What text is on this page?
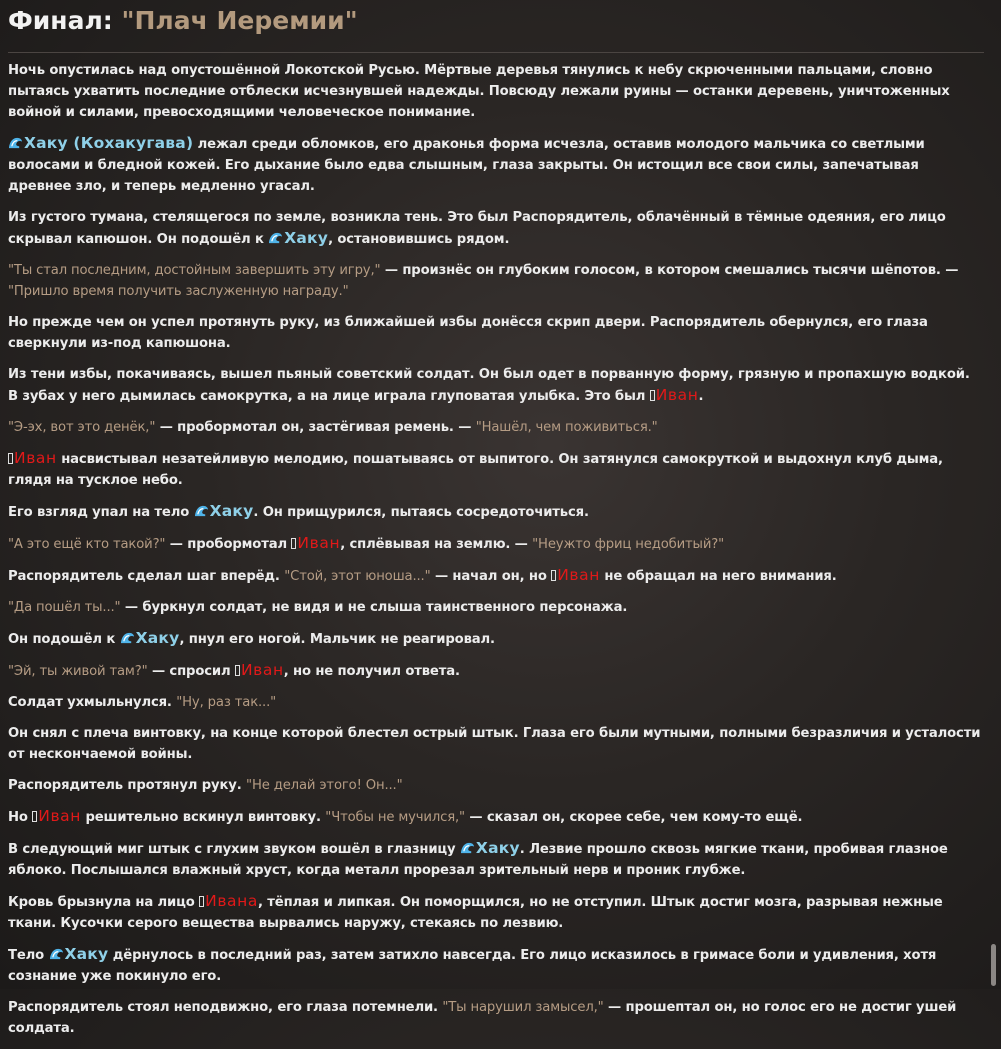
Финал: "Плач Иеремии"

Ночь опустилась над опустошённой Локотской Русью. Мёртвые деревья тянулись к небу скрюченными пальцами, словно пытаясь ухватить последние отблески исчезнувшей надежды. Повсюду лежали руины — останки деревень, уничтоженных войной и силами, превосходящими человеческое понимание.

Хаку (Кохакугава) лежал среди обломков, его драконья форма исчезла, оставив молодого мальчика со светлыми волосами и бледной кожей. Его дыхание было едва слышным, глаза закрыты. Он истощил все свои силы, запечатывая древнее зло, и теперь медленно угасал.

Из густого тумана, стелящегося по земле, возникла тень. Это был Распорядитель, облачённый в тёмные одеяния, его лицо скрывал капюшон. Он подошёл к Хаку, остановившись рядом.

"Ты стал последним, достойным завершить эту игру," — произнёс он глубоким голосом, в котором смешались тысячи шёпотов. — "Пришло время получить заслуженную награду."

Но прежде чем он успел протянуть руку, из ближайшей избы донёсся скрип двери. Распорядитель обернулся, его глаза сверкнули из-под капюшона.

Из тени избы, покачиваясь, вышел пьяный советский солдат. Он был одет в порванную форму, грязную и пропахшую водкой. В зубах у него дымилась самокрутка, а на лице играла глуповатая улыбка. Это был Иван.

"Э-эх, вот это денёк," — пробормотал он, застёгивая ремень. — "Нашёл, чем поживиться."

Иван насвистывал незатейливую мелодию, пошатываясь от выпитого. Он затянулся самокруткой и выдохнул клуб дыма, глядя на тусклое небо.

Его взгляд упал на тело Хаку. Он прищурился, пытаясь сосредоточиться.

"А это ещё кто такой?" — пробормотал Иван, сплёвывая на землю. — "Неужто фриц недобитый?"

Распорядитель сделал шаг вперёд. "Стой, этот юноша..." — начал он, но Иван не обращал на него внимания.

"Да пошёл ты..." — буркнул солдат, не видя и не слыша таинственного персонажа.

Он подошёл к Хаку, пнул его ногой. Мальчик не реагировал.

"Эй, ты живой там?" — спросил Иван, но не получил ответа.

Солдат ухмыльнулся. "Ну, раз так..."

Он снял с плеча винтовку, на конце которой блестел острый штык. Глаза его были мутными, полными безразличия и усталости от нескончаемой войны.

Распорядитель протянул руку. "Не делай этого! Он..."

Но Иван решительно вскинул винтовку. "Чтобы не мучился," — сказал он, скорее себе, чем кому-то ещё.

В следующий миг штык с глухим звуком вошёл в глазницу Хаку. Лезвие прошло сквозь мягкие ткани, пробивая глазное яблоко. Послышался влажный хруст, когда металл прорезал зрительный нерв и проник глубже.

Кровь брызнула на лицо Ивана, тёплая и липкая. Он поморщился, но не отступил. Штык достиг мозга, разрывая нежные ткани. Кусочки серого вещества вырвались наружу, стекаясь по лезвию.

Тело Хаку дёрнулось в последний раз, затем затихло навсегда. Его лицо исказилось в гримасе боли и удивления, хотя сознание уже покинуло его.

Распорядитель стоял неподвижно, его глаза потемнели. "Ты нарушил замысел," — прошептал он, но голос его не достиг ушей солдата.
